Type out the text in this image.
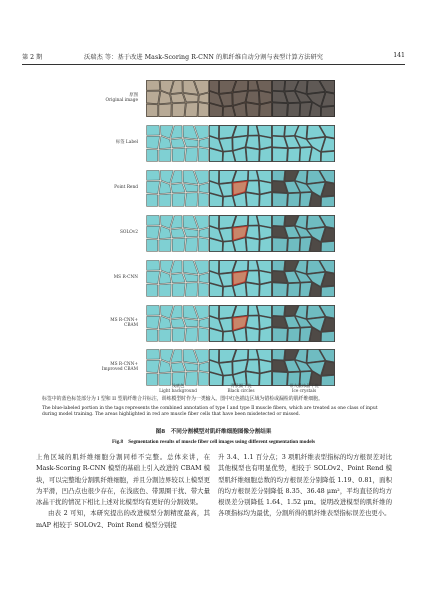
第 2 期	沃瑞杰 等：基于改进 Mask-Scoring R-CNN 的肌纤维自动分割与表型计算方法研究	141
原图
Original image
标签 Label
Point Rend
SOLOv2
MS R-CNN
MS R-CNN+
CBAM
MS R-CNN+
Improved CBAM
浅底色
Light background
背景圈干扰
Black circles
带大量冰晶干扰
Ice crystals
标签中的蓝色标签部分为 I 型和 II 型肌纤维合并标注，训练模型时作为一类输入。图中红色描边区域为错检或漏检的肌纤维细胞。
The blue-labeled portion in the tags represents the combined annotation of type Ⅰ and type Ⅱ muscle fibers, which are treated as one class of input during model training. The areas highlighted in red are muscle fiber cells that have been misdetected or missed.
图8　不同分割模型对肌纤维细胞图像分割结果
Fig.8　Segmentation results of muscle fiber cell images using different segmentation models

上角区域的肌纤维细胞分割同样不完整。总体来讲，在 Mask-Scoring R-CNN 模型的基础上引入改进的 CBAM 模块，可以完整地分割肌纤维细胞，并且分割边界较以上模型更为平滑，凹凸点也很少存在，在浅底色、带黑圈干扰、带大量冰晶干扰的情况下相比上述对比模型均有更好的分割效果。

由表 2 可知，本研究提出的改进模型分割精度最高，其 mAP 相较于 SOLOv2、Point Rend 模型分别提

升 3.4、1.1 百分点；3 项肌纤维表型指标的均方根误差对比其他模型也有明显优势，相较于 SOLOv2、Point Rend 模型肌纤维细胞总数的均方根误差分别降低 1.19、0.81，面积的均方根误差分别降低 8.35、36.48 μm²，平均直径的均方根误差分别降低 1.64、1.52 μm。说明改进模型的肌纤维的各项指标均为最优，分割所得的肌纤维表型指标误差也更小。
